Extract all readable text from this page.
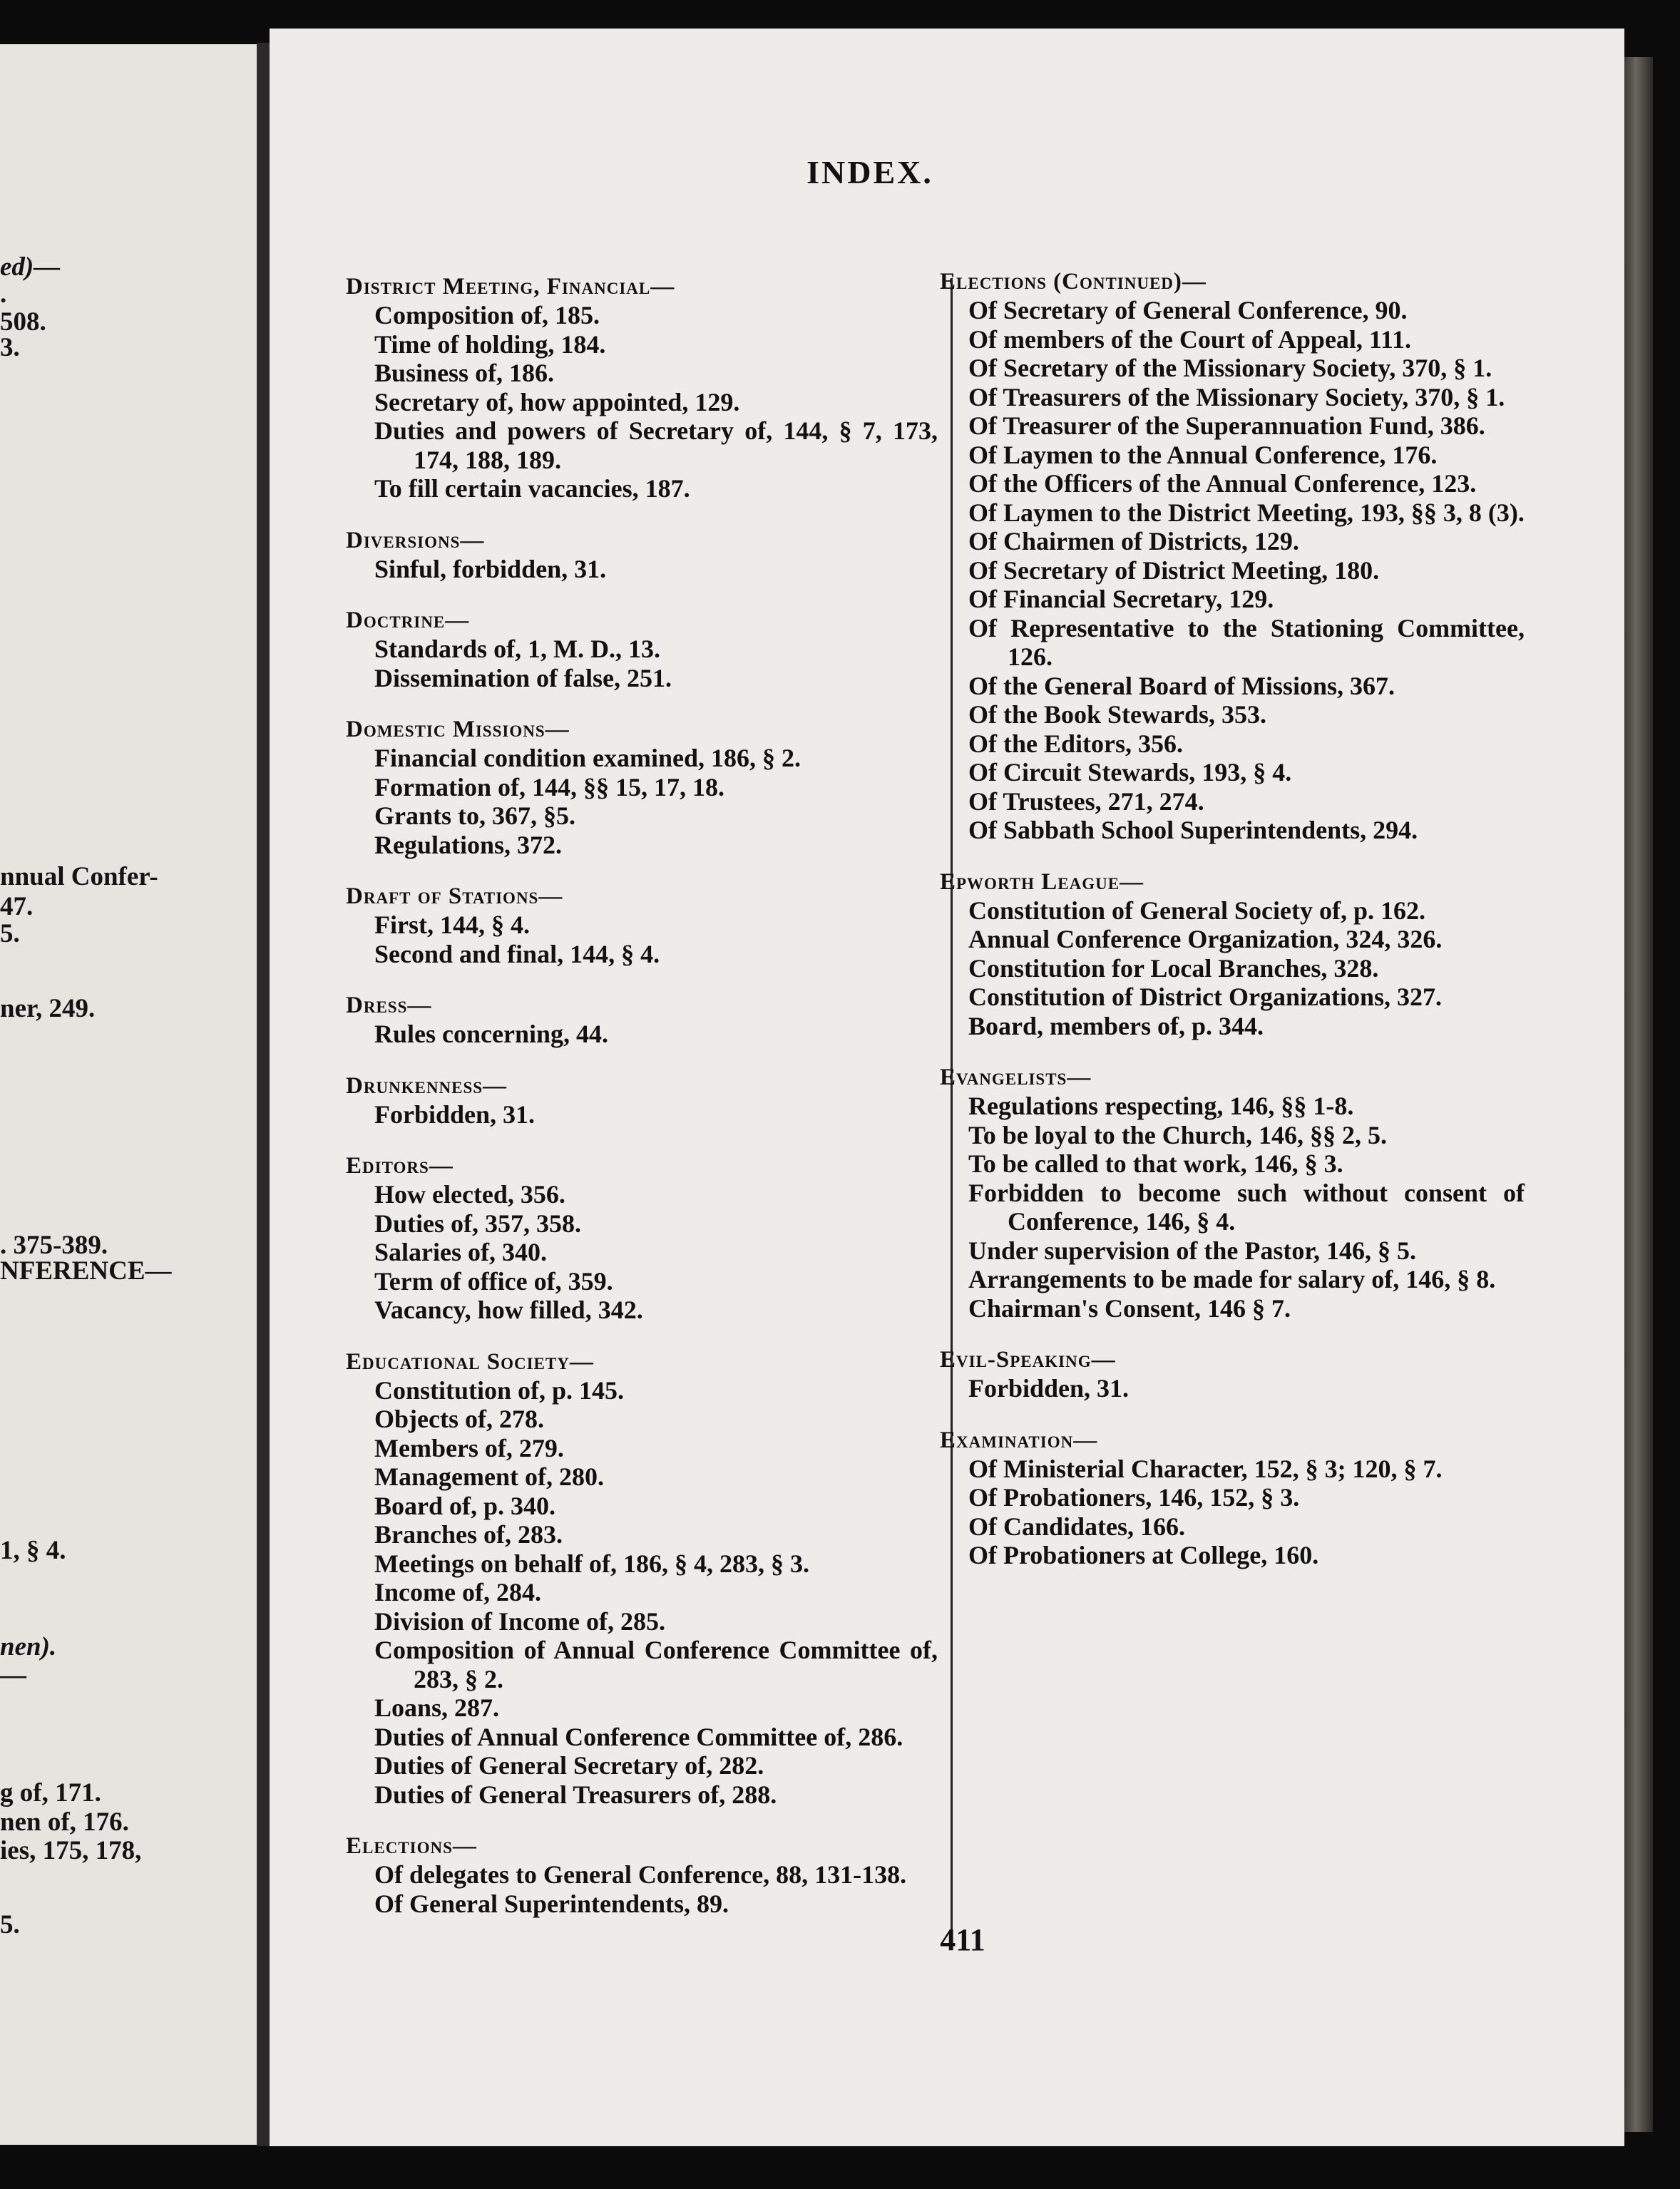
ed)—
.
508.
3.
nnual Confer-
47.
5.
ner, 249.
. 375-389.
NFERENCE—
1, § 4.
nen).
—
g of, 171.
nen of, 176.
ies, 175, 178,
5.
INDEX.
District Meeting, Financial—
Composition of, 185.
Time of holding, 184.
Business of, 186.
Secretary of, how appointed, 129.
Duties and powers of Secretary of, 144, § 7, 173, 174, 188, 189.
To fill certain vacancies, 187.
Diversions—
Sinful, forbidden, 31.
Doctrine—
Standards of, 1, M. D., 13.
Dissemination of false, 251.
Domestic Missions—
Financial condition examined, 186, § 2.
Formation of, 144, §§ 15, 17, 18.
Grants to, 367, §5.
Regulations, 372.
Draft of Stations—
First, 144, § 4.
Second and final, 144, § 4.
Dress—
Rules concerning, 44.
Drunkenness—
Forbidden, 31.
Editors—
How elected, 356.
Duties of, 357, 358.
Salaries of, 340.
Term of office of, 359.
Vacancy, how filled, 342.
Educational Society—
Constitution of, p. 145.
Objects of, 278.
Members of, 279.
Management of, 280.
Board of, p. 340.
Branches of, 283.
Meetings on behalf of, 186, § 4, 283, § 3.
Income of, 284.
Division of Income of, 285.
Composition of Annual Conference Committee of, 283, § 2.
Loans, 287.
Duties of Annual Conference Committee of, 286.
Duties of General Secretary of, 282.
Duties of General Treasurers of, 288.
Elections—
Of delegates to General Conference, 88, 131-138.
Of General Superintendents, 89.
Elections (Continued)—
Of Secretary of General Conference, 90.
Of members of the Court of Appeal, 111.
Of Secretary of the Missionary Society, 370, § 1.
Of Treasurers of the Missionary Society, 370, § 1.
Of Treasurer of the Superannuation Fund, 386.
Of Laymen to the Annual Conference, 176.
Of the Officers of the Annual Conference, 123.
Of Laymen to the District Meeting, 193, §§ 3, 8 (3).
Of Chairmen of Districts, 129.
Of Secretary of District Meeting, 180.
Of Financial Secretary, 129.
Of Representative to the Stationing Committee, 126.
Of the General Board of Missions, 367.
Of the Book Stewards, 353.
Of the Editors, 356.
Of Circuit Stewards, 193, § 4.
Of Trustees, 271, 274.
Of Sabbath School Superintendents, 294.
Epworth League—
Constitution of General Society of, p. 162.
Annual Conference Organization, 324, 326.
Constitution for Local Branches, 328.
Constitution of District Organizations, 327.
Board, members of, p. 344.
Evangelists—
Regulations respecting, 146, §§ 1-8.
To be loyal to the Church, 146, §§ 2, 5.
To be called to that work, 146, § 3.
Forbidden to become such without consent of Conference, 146, § 4.
Under supervision of the Pastor, 146, § 5.
Arrangements to be made for salary of, 146, § 8.
Chairman's Consent, 146 § 7.
Evil-Speaking—
Forbidden, 31.
Examination—
Of Ministerial Character, 152, § 3; 120, § 7.
Of Probationers, 146, 152, § 3.
Of Candidates, 166.
Of Probationers at College, 160.
411
